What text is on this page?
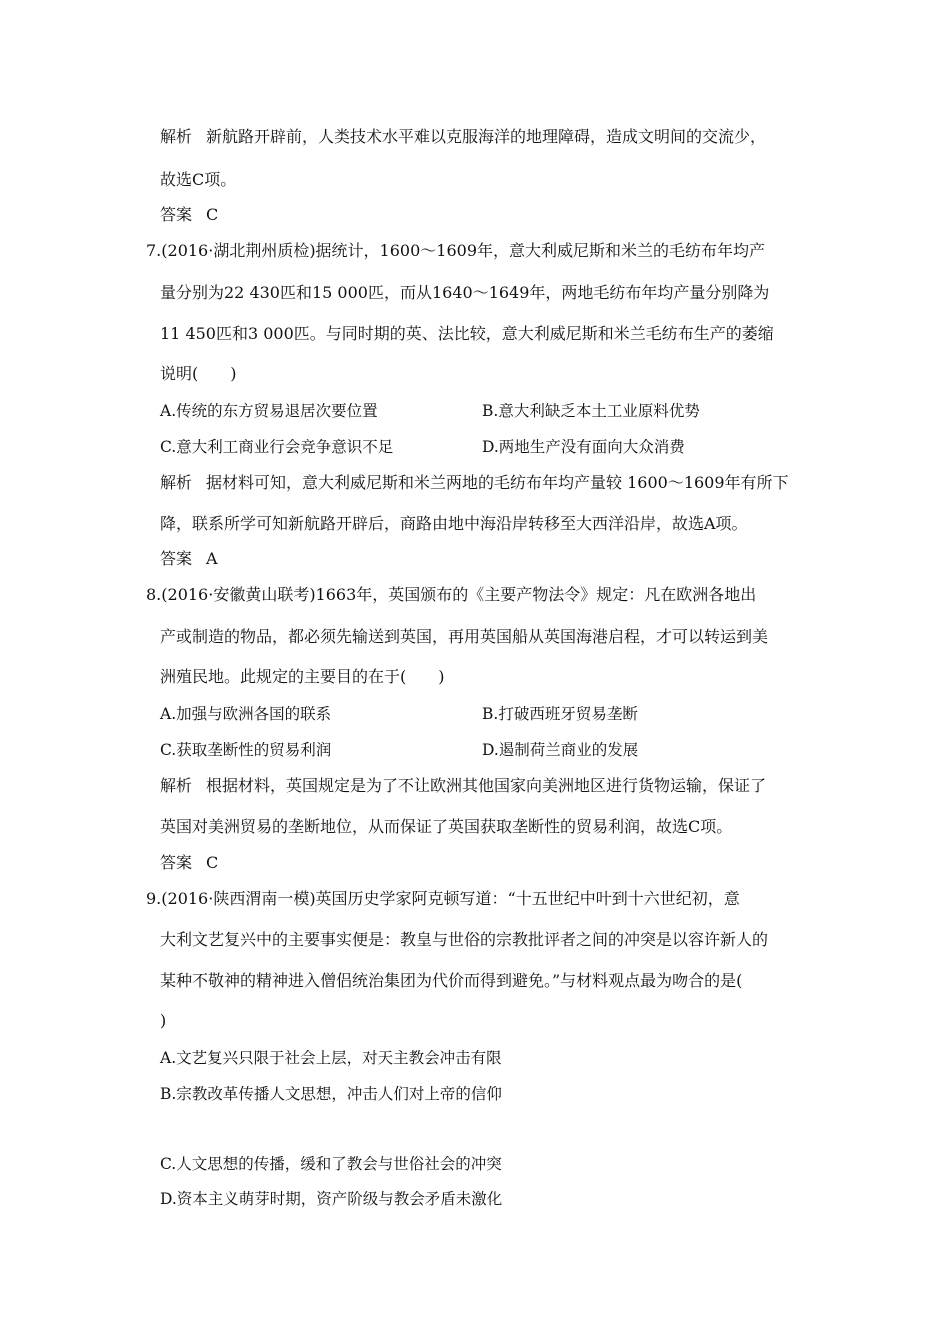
解析 新航路开辟前，人类技术水平难以克服海洋的地理障碍，造成文明间的交流少，
故选C项。
答案 C
7.(2016·湖北荆州质检)据统计，1600～1609年，意大利威尼斯和米兰的毛纺布年均产
量分别为22 430匹和15 000匹，而从1640～1649年，两地毛纺布年均产量分别降为
11 450匹和3 000匹。与同时期的英、法比较，意大利威尼斯和米兰毛纺布生产的萎缩
说明(　　)
A.传统的东方贸易退居次要位置	B.意大利缺乏本土工业原料优势
C.意大利工商业行会竞争意识不足	D.两地生产没有面向大众消费
解析 据材料可知，意大利威尼斯和米兰两地的毛纺布年均产量较 1600～1609年有所下
降，联系所学可知新航路开辟后，商路由地中海沿岸转移至大西洋沿岸，故选A项。
答案 A
8.(2016·安徽黄山联考)1663年，英国颁布的《主要产物法令》规定：凡在欧洲各地出
产或制造的物品，都必须先输送到英国，再用英国船从英国海港启程，才可以转运到美
洲殖民地。此规定的主要目的在于(　　)
A.加强与欧洲各国的联系	B.打破西班牙贸易垄断
C.获取垄断性的贸易利润	D.遏制荷兰商业的发展
解析 根据材料，英国规定是为了不让欧洲其他国家向美洲地区进行货物运输，保证了
英国对美洲贸易的垄断地位，从而保证了英国获取垄断性的贸易利润，故选C项。
答案 C
9.(2016·陕西渭南一模)英国历史学家阿克顿写道：“十五世纪中叶到十六世纪初，意
大利文艺复兴中的主要事实便是：教皇与世俗的宗教批评者之间的冲突是以容许新人的
某种不敬神的精神进入僧侣统治集团为代价而得到避免。”与材料观点最为吻合的是(
)
A.文艺复兴只限于社会上层，对天主教会冲击有限
B.宗教改革传播人文思想，冲击人们对上帝的信仰
C.人文思想的传播，缓和了教会与世俗社会的冲突
D.资本主义萌芽时期，资产阶级与教会矛盾未激化
